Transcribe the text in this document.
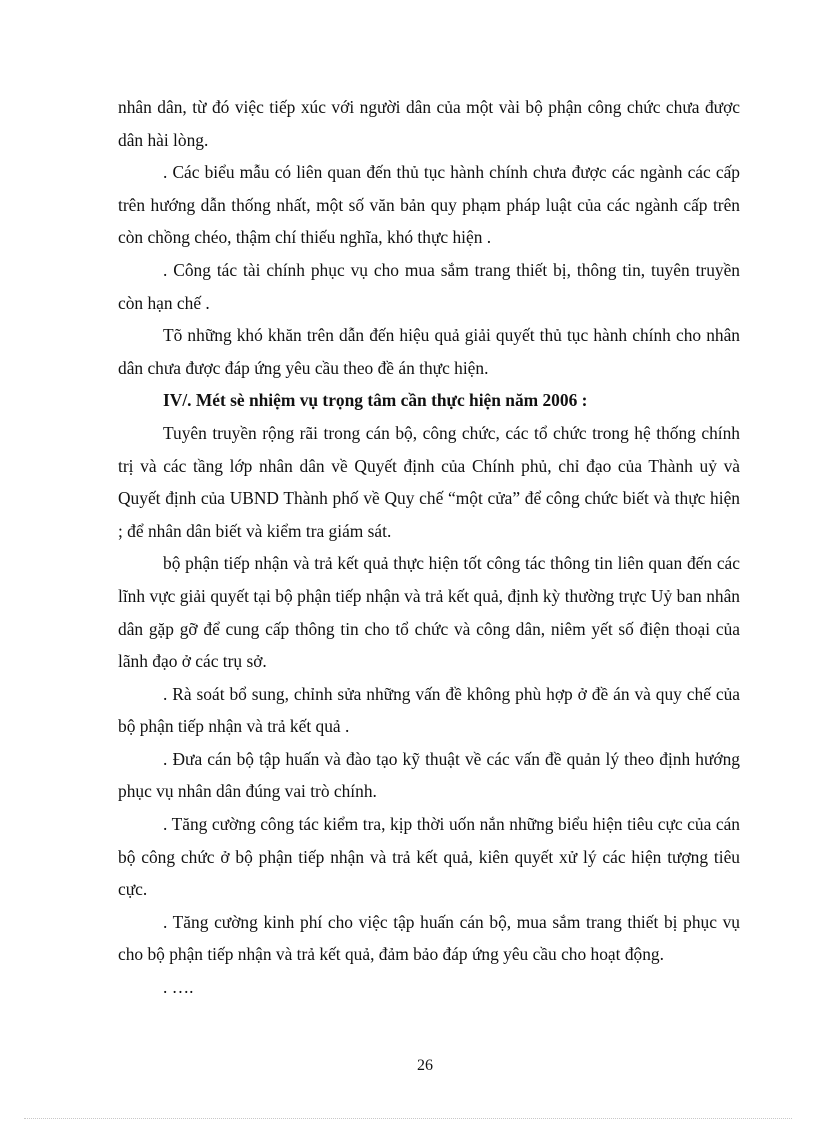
nhân dân, từ đó việc tiếp xúc với người dân của một vài bộ phận công chức chưa được dân hài lòng.

. Các biểu mẫu có liên quan đến thủ tục hành chính chưa được các ngành các cấp trên hướng dẫn thống nhất, một số văn bản quy phạm pháp luật của các ngành cấp trên còn chồng chéo, thậm chí thiếu nghĩa, khó thực hiện .

. Công tác tài chính phục vụ cho mua sắm trang thiết bị, thông tin, tuyên truyền còn hạn chế .

Tõ những khó khăn trên dẫn đến hiệu quả giải quyết thủ tục hành chính cho nhân dân chưa được đáp ứng yêu cầu theo đề án thực hiện.

IV/. Mét sè nhiệm vụ trọng tâm cần thực hiện năm 2006 :

Tuyên truyền rộng rãi trong cán bộ, công chức, các tổ chức trong hệ thống chính trị và các tầng lớp nhân dân về Quyết định của Chính phủ, chỉ đạo của Thành uỷ và Quyết định của UBND Thành phố về Quy chế “một cửa” để công chức biết và thực hiện ; để nhân dân biết và kiểm tra giám sát.

bộ phận tiếp nhận và trả kết quả thực hiện tốt công tác thông tin liên quan đến các lĩnh vực giải quyết tại bộ phận tiếp nhận và trả kết quả, định kỳ thường trực Uỷ ban nhân dân gặp gỡ để cung cấp thông tin cho tổ chức và công dân, niêm yết số điện thoại của lãnh đạo ở các trụ sở.

. Rà soát bổ sung, chỉnh sửa những vấn đề không phù hợp ở đề án và quy chế của bộ phận tiếp nhận và trả kết quả .

. Đưa cán bộ tập huấn và đào tạo kỹ thuật về các vấn đề quản lý theo định hướng phục vụ nhân dân đúng vai trò chính.

. Tăng cường công tác kiểm tra, kịp thời uốn nắn những biểu hiện tiêu cực của cán bộ công chức ở bộ phận tiếp nhận và trả kết quả, kiên quyết xử lý các hiện tượng tiêu cực.

. Tăng cường kinh phí cho việc tập huấn cán bộ, mua sắm trang thiết bị phục vụ cho bộ phận tiếp nhận và trả kết quả, đảm bảo đáp ứng yêu cầu cho hoạt động.

. ….

26
